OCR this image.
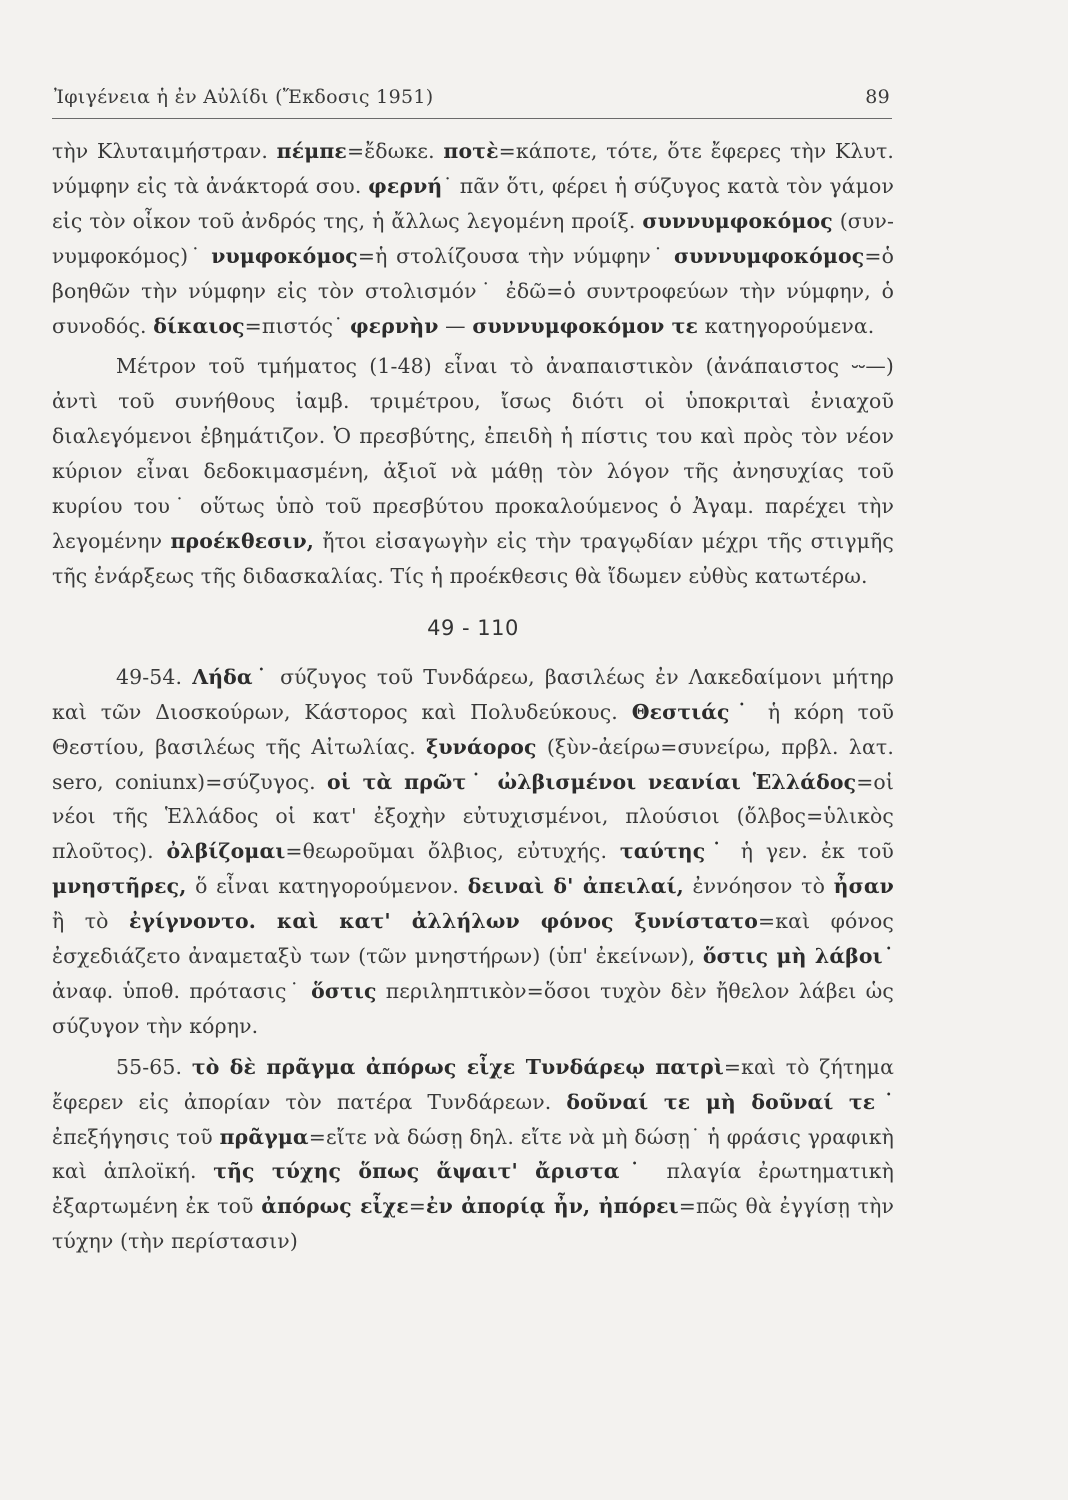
Ἰφιγένεια ἡ ἐν Αὐλίδι (Ἔκδοσις 1951)	89

τὴν Κλυταιμήστραν. πέμπε=ἔδωκε. ποτὲ=κάποτε, τότε, ὅτε ἔφερες τὴν Κλυτ. νύμφην εἰς τὰ ἀνάκτορά σου. φερνή˙ πᾶν ὅτι, φέρει ἡ σύζυγος κατὰ τὸν γάμον εἰς τὸν οἶκον τοῦ ἀνδρός της, ἡ ἄλλως λεγομένη προίξ. συννυμφοκόμος (συν-νυμφοκόμος)˙ νυμφοκόμος=ἡ στολίζουσα τὴν νύμφην˙ συννυμφοκόμος=ὁ βοηθῶν τὴν νύμφην εἰς τὸν στολισμόν˙ ἐδῶ=ὁ συντροφεύων τὴν νύμφην, ὁ συνοδός. δίκαιος=πιστός˙ φερνὴν — συννυμφοκόμον τε κατηγορούμενα.

Μέτρον τοῦ τμήματος (1-48) εἶναι τὸ ἀναπαιστικὸν (ἀνάπαιστος ⏑⏑—) ἀντὶ τοῦ συνήθους ἰαμβ. τριμέτρου, ἴσως διότι οἱ ὑποκριταὶ ἐνιαχοῦ διαλεγόμενοι ἐβημάτιζον. Ὁ πρεσβύτης, ἐπειδὴ ἡ πίστις του καὶ πρὸς τὸν νέον κύριον εἶναι δεδοκιμασμένη, ἀξιοῖ νὰ μάθῃ τὸν λόγον τῆς ἀνησυχίας τοῦ κυρίου του˙ οὕτως ὑπὸ τοῦ πρεσβύτου προκαλούμενος ὁ Ἀγαμ. παρέχει τὴν λεγομένην προέκθεσιν, ἤτοι εἰσαγωγὴν εἰς τὴν τραγῳδίαν μέχρι τῆς στιγμῆς τῆς ἐνάρξεως τῆς διδασκαλίας. Τίς ἡ προέκθεσις θὰ ἴδωμεν εὐθὺς κατωτέρω.

49 - 110

49-54. Λήδα˙ σύζυγος τοῦ Τυνδάρεω, βασιλέως ἐν Λακεδαίμονι μήτηρ καὶ τῶν Διοσκούρων, Κάστορος καὶ Πολυδεύκους. Θεστιάς˙ ἡ κόρη τοῦ Θεστίου, βασιλέως τῆς Αἰτωλίας. ξυνάορος (ξὺν-ἀείρω=συνείρω, πρβλ. λατ. sero, coniunx)=σύζυγος. οἱ τὰ πρῶτ˙ ὠλβισμένοι νεανίαι Ἑλλάδος=οἱ νέοι τῆς Ἑλλάδος οἱ κατ' ἐξοχὴν εὐτυχισμένοι, πλούσιοι (ὄλβος=ὑλικὸς πλοῦτος). ὀλβίζομαι=θεωροῦμαι ὄλβιος, εὐτυχής. ταύτης˙ ἡ γεν. ἐκ τοῦ μνηστῆρες, ὅ εἶναι κατηγορούμενον. δειναὶ δ' ἀπειλαί, ἐννόησον τὸ ἦσαν ἢ τὸ ἐγίγνοντο. καὶ κατ' ἀλλήλων φόνος ξυνίστατο=καὶ φόνος ἐσχεδιάζετο ἀναμεταξὺ των (τῶν μνηστήρων) (ὑπ' ἐκείνων), ὅστις μὴ λάβοι˙ ἀναφ. ὑποθ. πρότασις˙ ὅστις περιληπτικὸν=ὅσοι τυχὸν δὲν ἤθελον λάβει ὡς σύζυγον τὴν κόρην.

55-65. τὸ δὲ πρᾶγμα ἀπόρως εἶχε Τυνδάρεῳ πατρὶ=καὶ τὸ ζήτημα ἔφερεν εἰς ἀπορίαν τὸν πατέρα Τυνδάρεων. δοῦναί τε μὴ δοῦναί τε˙ ἐπεξήγησις τοῦ πρᾶγμα=εἴτε νὰ δώσῃ δηλ. εἴτε νὰ μὴ δώσῃ˙ ἡ φράσις γραφικὴ καὶ ἁπλοϊκή. τῆς τύχης ὅπως ἅψαιτ' ἄριστα˙ πλαγία ἐρωτηματικὴ ἐξαρτωμένη ἐκ τοῦ ἀπόρως εἶχε=ἐν ἀπορίᾳ ἦν, ἠπόρει=πῶς θὰ ἐγγίσῃ τὴν τύχην (τὴν περίστασιν)
